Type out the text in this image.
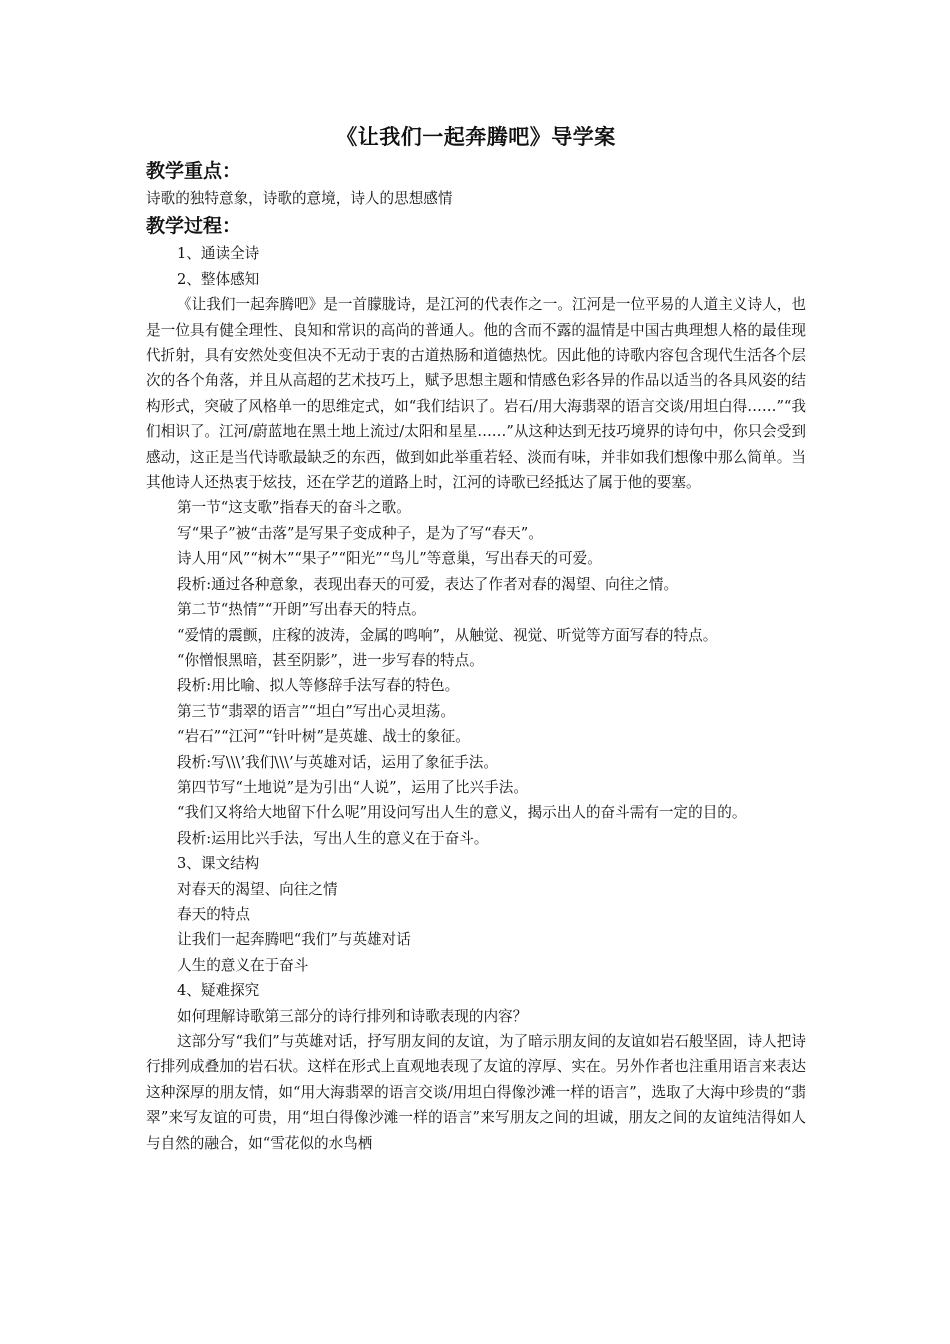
《让我们一起奔腾吧》导学案
教学重点：

诗歌的独特意象，诗歌的意境，诗人的思想感情

教学过程：

1、通读全诗

2、整体感知

《让我们一起奔腾吧》是一首朦胧诗，是江河的代表作之一。江河是一位平易的人道主义诗人，也是一位具有健全理性、良知和常识的高尚的普通人。他的含而不露的温情是中国古典理想人格的最佳现代折射，具有安然处变但决不无动于衷的古道热肠和道德热忱。因此他的诗歌内容包含现代生活各个层次的各个角落，并且从高超的艺术技巧上，赋予思想主题和情感色彩各异的作品以适当的各具风姿的结构形式，突破了风格单一的思维定式，如“我们结识了。岩石/用大海翡翠的语言交谈/用坦白得……”“我们相识了。江河/蔚蓝地在黑土地上流过/太阳和星星……”从这种达到无技巧境界的诗句中，你只会受到感动，这正是当代诗歌最缺乏的东西，做到如此举重若轻、淡而有味，并非如我们想像中那么简单。当其他诗人还热衷于炫技，还在学艺的道路上时，江河的诗歌已经抵达了属于他的要塞。

第一节“这支歌”指春天的奋斗之歌。

写“果子”被“击落”是写果子变成种子，是为了写“春天”。

诗人用“风”“树木”“果子”“阳光”“鸟儿”等意巢，写出春天的可爱。

段析:通过各种意象，表现出春天的可爱，表达了作者对春的渴望、向往之情。

第二节“热情”“开朗”写出春天的特点。

“爱情的震颤，庄稼的波涛，金属的鸣响”，从触觉、视觉、听觉等方面写春的特点。

“你憎恨黑暗，甚至阴影”，进一步写春的特点。

段析:用比喻、拟人等修辞手法写春的特色。

第三节“翡翠的语言”“坦白”写出心灵坦荡。

“岩石”“江河”“针叶树”是英雄、战士的象征。

段析:写\\\’我们\\\’与英雄对话，运用了象征手法。

第四节写“土地说”是为引出“人说”，运用了比兴手法。

“我们又将给大地留下什么呢”用设问写出人生的意义，揭示出人的奋斗需有一定的目的。

段析:运用比兴手法，写出人生的意义在于奋斗。

3、课文结构

对春天的渴望、向往之情

春天的特点

让我们一起奔腾吧“我们”与英雄对话

人生的意义在于奋斗

4、疑难探究

如何理解诗歌第三部分的诗行排列和诗歌表现的内容？

这部分写“我们”与英雄对话，抒写朋友间的友谊，为了暗示朋友间的友谊如岩石般坚固，诗人把诗行排列成叠加的岩石状。这样在形式上直观地表现了友谊的淳厚、实在。另外作者也注重用语言来表达这种深厚的朋友情，如“用大海翡翠的语言交谈/用坦白得像沙滩一样的语言”，选取了大海中珍贵的“翡翠”来写友谊的可贵，用“坦白得像沙滩一样的语言”来写朋友之间的坦诚，朋友之间的友谊纯洁得如人与自然的融合，如“雪花似的水鸟栖
